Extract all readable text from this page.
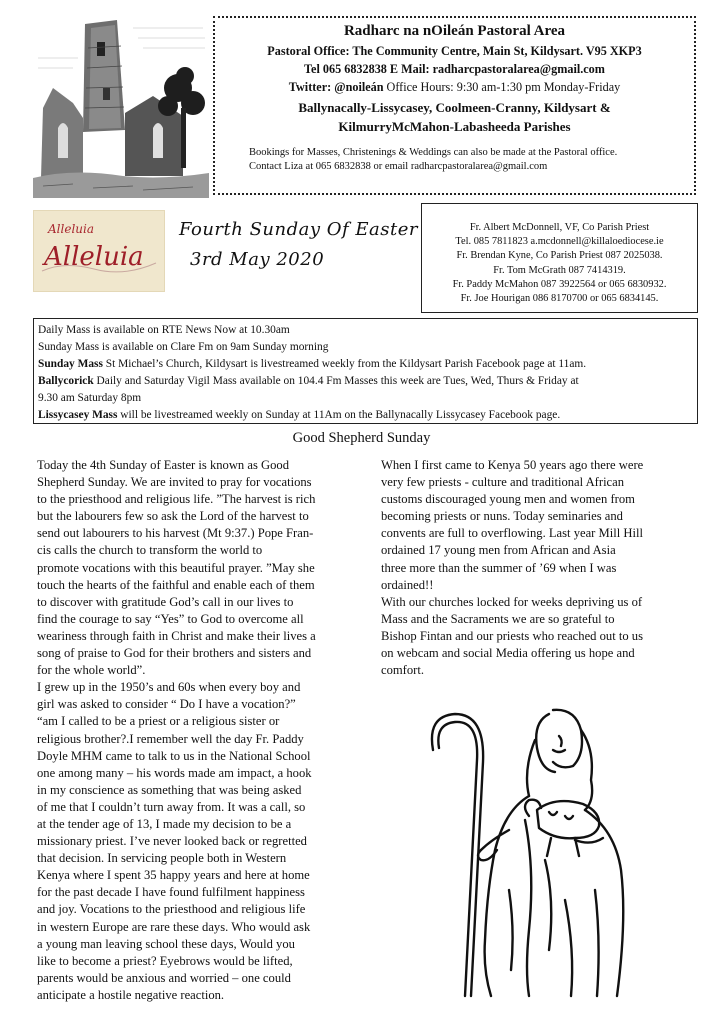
Radharc na nOileán Pastoral Area
Pastoral Office: The Community Centre, Main St, Kildysart. V95 XKP3
Tel 065 6832838 E Mail: radharcpastoralarea@gmail.com
Twitter: @noileán Office Hours: 9:30 am-1:30 pm Monday-Friday
Ballynacally-Lissycasey, Coolmeen-Cranny, Kildysart &
KilmurryMcMahon-Labasheeda Parishes
Bookings for Masses, Christenings & Weddings can also be made at the Pastoral office.
Contact Liza at 065 6832838 or email radharcpastoralarea@gmail.com
Alleluia
Alleluia
Fourth Sunday Of Easter
3rd May 2020
Fr. Albert McDonnell, VF, Co Parish Priest
Tel. 085 7811823 a.mcdonnell@killaloediocese.ie
Fr. Brendan Kyne, Co Parish Priest 087 2025038.
Fr. Tom McGrath 087 7414319.
Fr. Paddy McMahon 087 3922564 or 065 6830932.
Fr. Joe Hourigan 086 8170700 or 065 6834145.
Daily Mass is available on RTE News Now at 10.30am
Sunday Mass is available on Clare Fm on 9am Sunday morning
Sunday Mass St Michael’s Church, Kildysart is livestreamed weekly from the Kildysart Parish Facebook page at 11am.
Ballycorick Daily and Saturday Vigil Mass available on 104.4 Fm Masses this week are Tues, Wed, Thurs & Friday at
9.30 am Saturday 8pm
Lissycasey Mass will be livestreamed weekly on Sunday at 11Am on the Ballynacally Lissycasey Facebook page.
Good Shepherd Sunday
Today the 4th Sunday of Easter is known as Good
Shepherd Sunday. We are invited to pray for vocations
to the priesthood and religious life. ”The harvest is rich
but the labourers few so ask the Lord of the harvest to
send out labourers to his harvest (Mt 9:37.) Pope Fran-
cis calls the church to transform the world to
promote vocations with this beautiful prayer. ”May she
touch the hearts of the faithful and enable each of them
to discover with gratitude God’s call in our lives to
find the courage to say “Yes” to God to overcome all
weariness through faith in Christ and make their lives a
song of praise to God for their brothers and sisters and
for the whole world”.
I grew up in the 1950’s and 60s when every boy and
girl was asked to consider “ Do I have a vocation?”
“am I called to be a priest or a religious sister or
religious brother?.I remember well the day Fr. Paddy
Doyle MHM came to talk to us in the National School
one among many – his words made am impact, a hook
in my conscience as something that was being asked
of me that I couldn’t turn away from. It was a call, so
at the tender age of 13, I made my decision to be a
missionary priest. I’ve never looked back or regretted
that decision. In servicing people both in Western
Kenya where I spent 35 happy years and here at home
for the past decade I have found fulfilment happiness
and joy. Vocations to the priesthood and religious life
in western Europe are rare these days. Who would ask
a young man leaving school these days, Would you
like to become a priest? Eyebrows would be lifted,
parents would be anxious and worried – one could
anticipate a hostile negative reaction.
When I first came to Kenya 50 years ago there were
very few priests - culture and traditional African
customs discouraged young men and women from
becoming priests or nuns. Today seminaries and
convents are full to overflowing. Last year Mill Hill
ordained 17 young men from African and Asia
three more than the summer of ’69 when I was
ordained!!
With our churches locked for weeks depriving us of
Mass and the Sacraments we are so grateful to
Bishop Fintan and our priests who reached out to us
on webcam and social Media offering us hope and
comfort.
